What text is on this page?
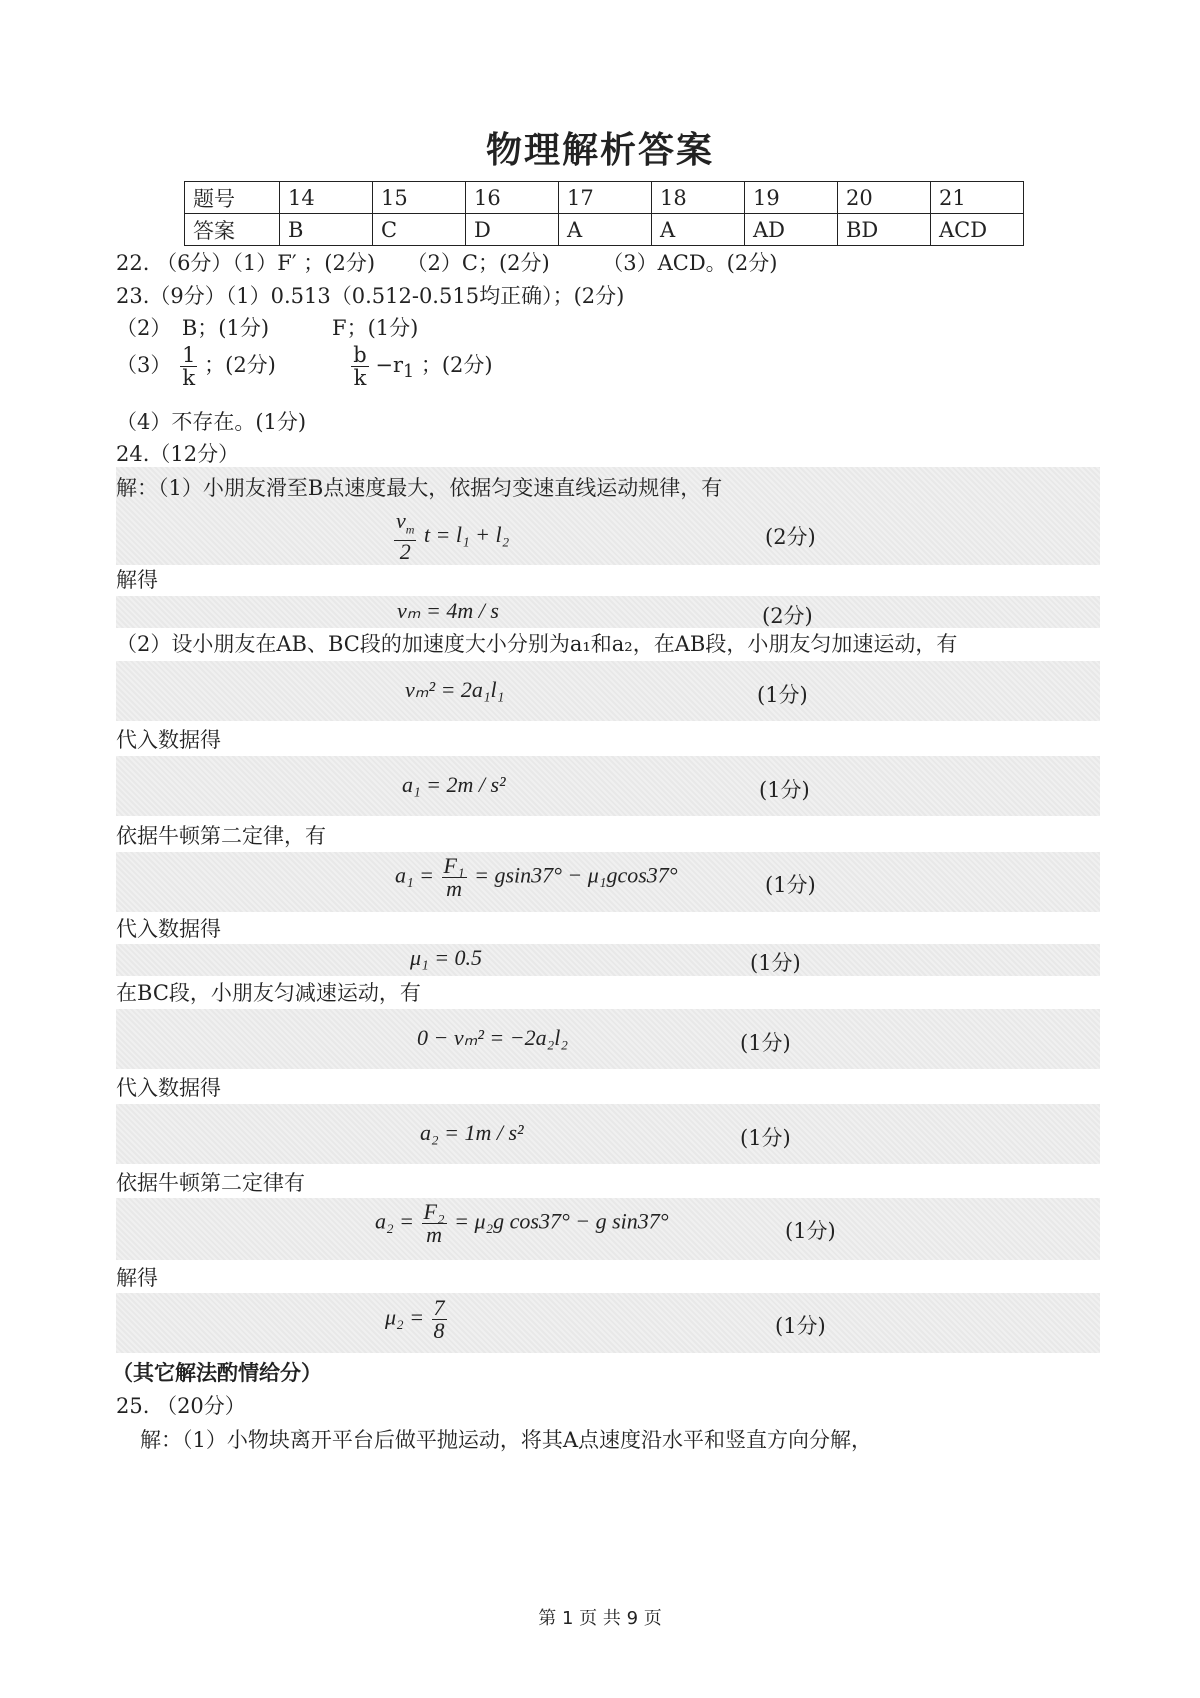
物理解析答案
题号	14	15	16	17	18	19	20	21
答案	B	C	D	A	A	AD	BD	ACD
22. （6分）（1）F′ ；(2分)　　（2）C；(2分)　　　（3）ACD。(2分)
23.（9分）（1）0.513（0.512-0.515均正确）；(2分)
（2）　B；(1分)　　　F；(1分)
$(3) \frac{1}{k}$ ；(2分)	$\frac{b}{k} -r_1$ ；(2分)
（4）不存在。(1分)
24.（12分）
解：（1）小朋友滑至B点速度最大，依据匀变速直线运动规律，有
$\frac{v_m}{2}$ t = l₁ + l₂	(2分)
解得
vₘ = 4m / s	(2分)
（2）设小朋友在AB、BC段的加速度大小分别为a₁和a₂，在AB段，小朋友匀加速运动，有
vₘ² = 2a₁l₁	(1分)
代入数据得
a₁ = 2m / s²	(1分)
依据牛顿第二定律，有
$a_1 = \frac{\text{F₁}}{m} = gsin37^\circ - \mu_1gcos37^\circ$	(1分)
代入数据得
μ₁ = 0.5	(1分)
在BC段，小朋友匀减速运动，有
0 − vₘ² = −2a₂l₂	(1分)
代入数据得
a₂ = 1m / s²	(1分)
依据牛顿第二定律有
$a_2 = \frac{\text{F₂}}{m} = \mu_2g$ cos37° − g sin37°	(1分)
解得
$\mu_2 = \frac{7}{8}$	(1分)
（其它解法酌情给分）
25. （20分）
解：（1）小物块离开平台后做平抛运动，将其A点速度沿水平和竖直方向分解，
第 1 页 共 9 页
